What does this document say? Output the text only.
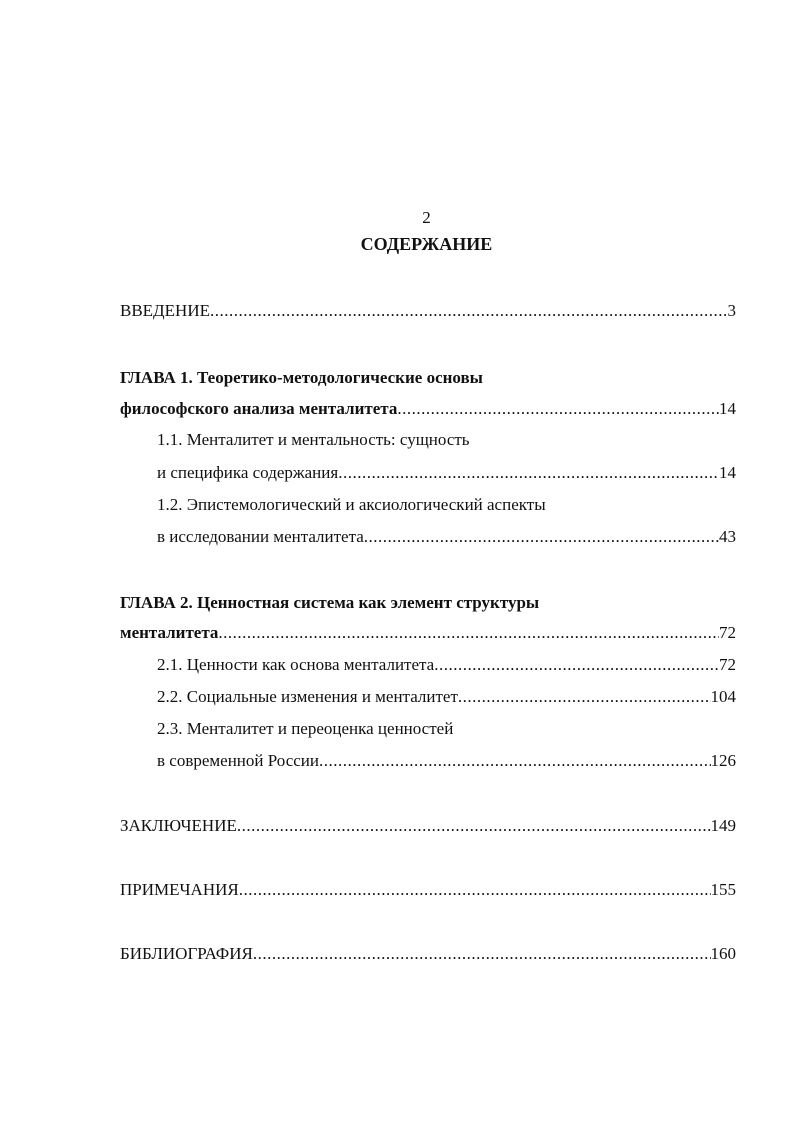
2
СОДЕРЖАНИЕ
ВВЕДЕНИЕ .....	3
ГЛАВА 1. Теоретико-методологические основы
философского анализа менталитета .....	14
1.1. Менталитет и ментальность: сущность
и специфика содержания .....	14
1.2. Эпистемологический и аксиологический аспекты
в исследовании менталитета .....	43
ГЛАВА 2. Ценностная система как элемент структуры
менталитета .....	72
2.1. Ценности как основа менталитета .....	72
2.2. Социальные изменения и менталитет .....	104
2.3. Менталитет и переоценка ценностей
в современной России .....	126
ЗАКЛЮЧЕНИЕ .....	149
ПРИМЕЧАНИЯ .....	155
БИБЛИОГРАФИЯ .....	160
